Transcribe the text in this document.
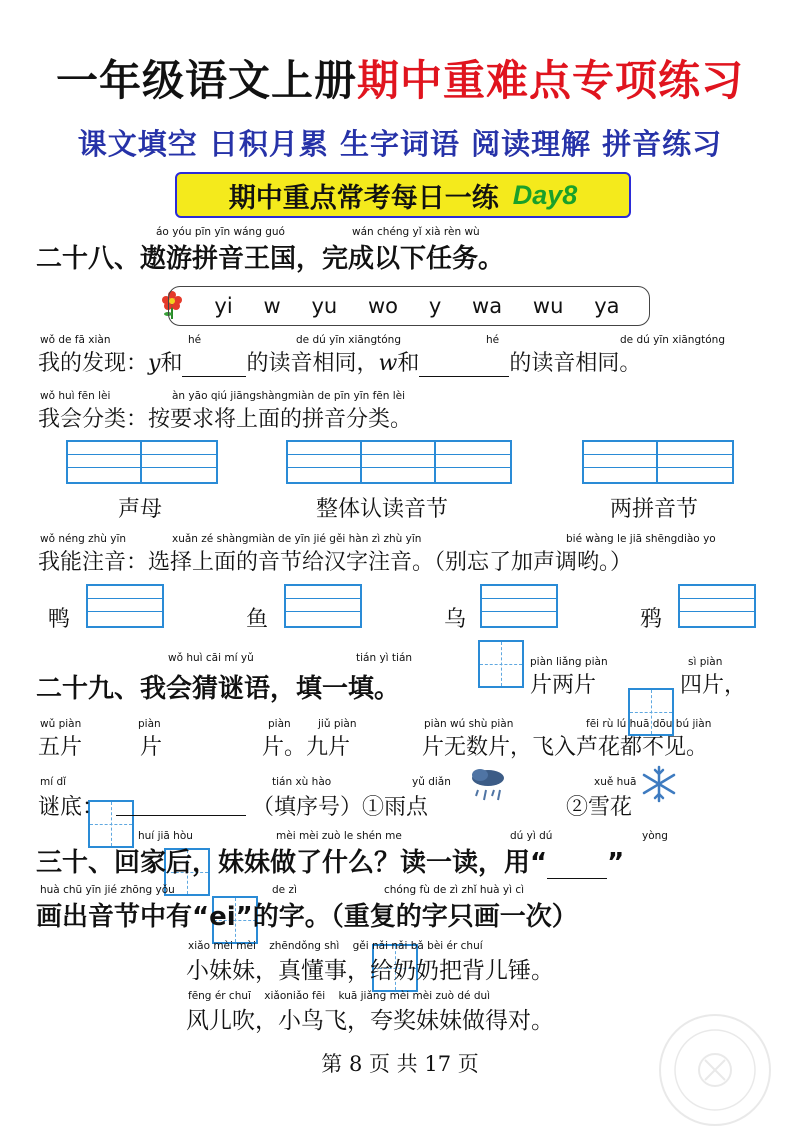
一年级语文上册期中重难点专项练习
课文填空 日积月累 生字词语 阅读理解 拼音练习
期中重点常考每日一练 Day8
áo yóu pīn yīn wáng guó	wán chéng yǐ xià rèn wù
二十八、遨游拼音王国，完成以下任务。
yi w yu wo y wa wu ya
wǒ de fā xiàn	hé	de dú yīn xiāngtóng	hé	de dú yīn xiāngtóng
我的发现：y和	的读音相同，w和	的读音相同。
wǒ huì fēn lèi	àn yāo qiú jiāngshàngmiàn de pīn yīn fēn lèi
我会分类：按要求将上面的拼音分类。
声母	整体认读音节	两拼音节
wǒ néng zhù yīn	xuǎn zé shàngmiàn de yīn jié gěi hàn zì zhù yīn	bié wàng le jiā shēngdiào yo
我能注音：选择上面的音节给汉字注音。（别忘了加声调哟。）
鸭	鱼	乌	鸦
wǒ huì cāi mí yǔ	tián yì tián
二十九、我会猜谜语，填一填。
piàn liǎng piàn
片两片
sì piàn
四片，
wǔ piàn
五片
piàn
片
piàn	jiǔ piàn
片。九片
piàn wú shù piàn	fēi rù lú huā dōu bú jiàn
片无数片，飞入芦花都不见。
mí dǐ	tián xù hào	yǔ diǎn	xuě huā
谜底：	（填序号）①雨点	②雪花
huí jiā hòu	mèi mèi zuò le shén me	dú yì dú	yòng
三十、回家后，妹妹做了什么？读一读，用“ ”
huà chū yīn jié zhōng yǒu	de zì	chóng fù de zì zhǐ huà yì cì
画出音节中有“ei”的字。（重复的字只画一次）
xiǎo mèi mèi    zhēndǒng shì    gěi nǎi nǎi bǎ bèi ér chuí
小妹妹，真懂事，给奶奶把背儿锤。
fēng ér chuī    xiǎoniǎo fēi    kuā jiǎng mèi mèi zuò dé duì
风儿吹，小鸟飞，夸奖妹妹做得对。
第 8 页 共 17 页
